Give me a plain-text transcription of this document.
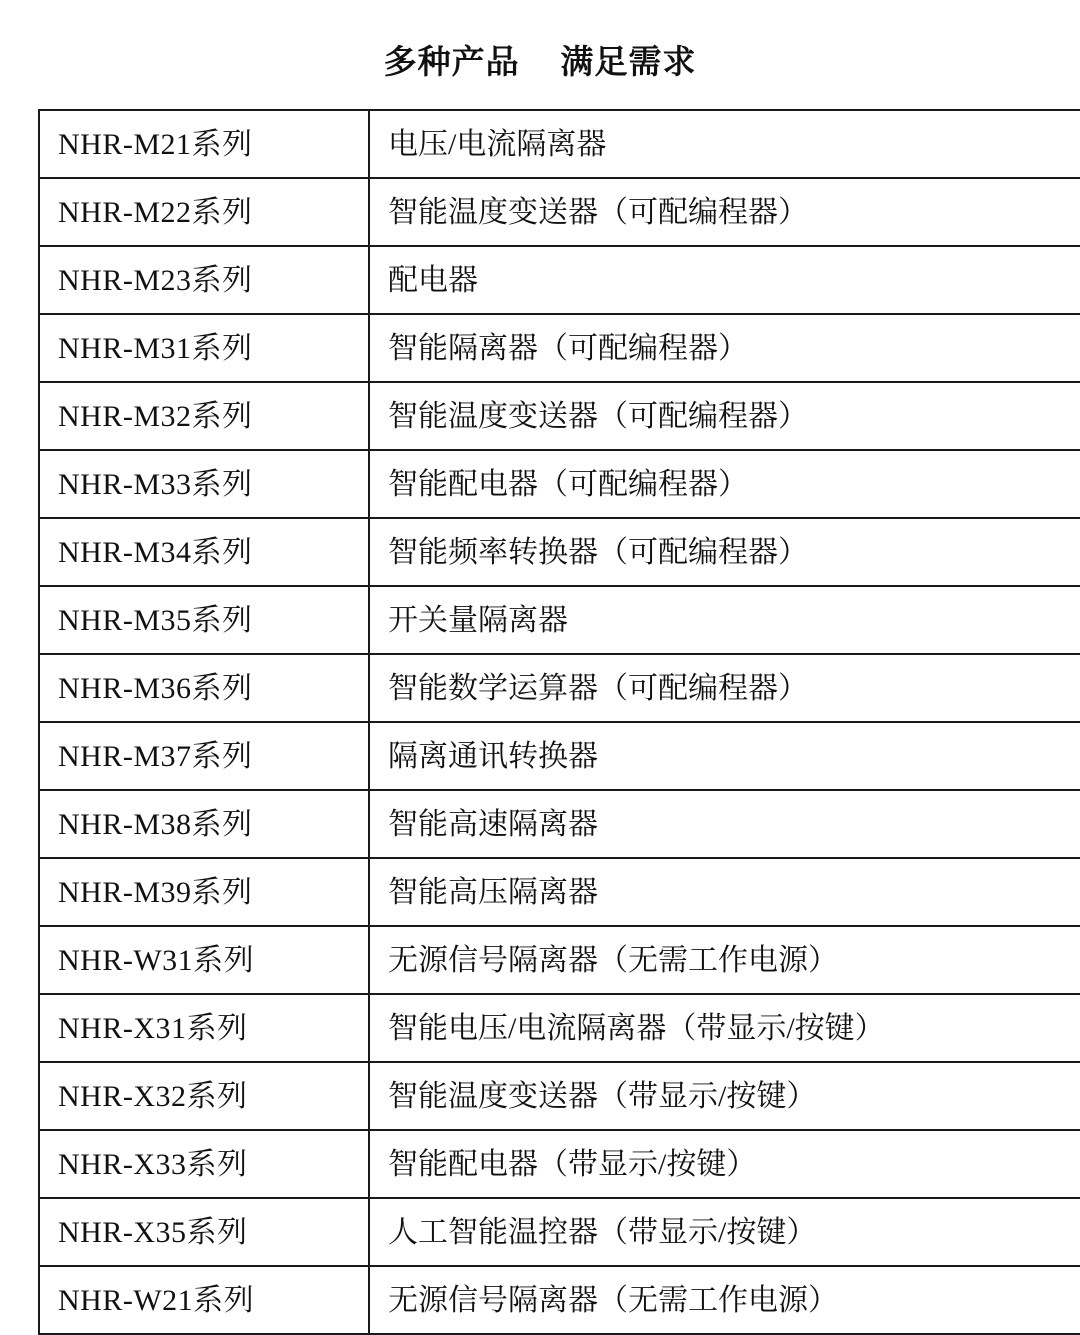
多种产品    满足需求
NHR-M21系列	电压/电流隔离器
NHR-M22系列	智能温度变送器（可配编程器）
NHR-M23系列	配电器
NHR-M31系列	智能隔离器（可配编程器）
NHR-M32系列	智能温度变送器（可配编程器）
NHR-M33系列	智能配电器（可配编程器）
NHR-M34系列	智能频率转换器（可配编程器）
NHR-M35系列	开关量隔离器
NHR-M36系列	智能数学运算器（可配编程器）
NHR-M37系列	隔离通讯转换器
NHR-M38系列	智能高速隔离器
NHR-M39系列	智能高压隔离器
NHR-W31系列	无源信号隔离器（无需工作电源）
NHR-X31系列	智能电压/电流隔离器（带显示/按键）
NHR-X32系列	智能温度变送器（带显示/按键）
NHR-X33系列	智能配电器（带显示/按键）
NHR-X35系列	人工智能温控器（带显示/按键）
NHR-W21系列	无源信号隔离器（无需工作电源）
